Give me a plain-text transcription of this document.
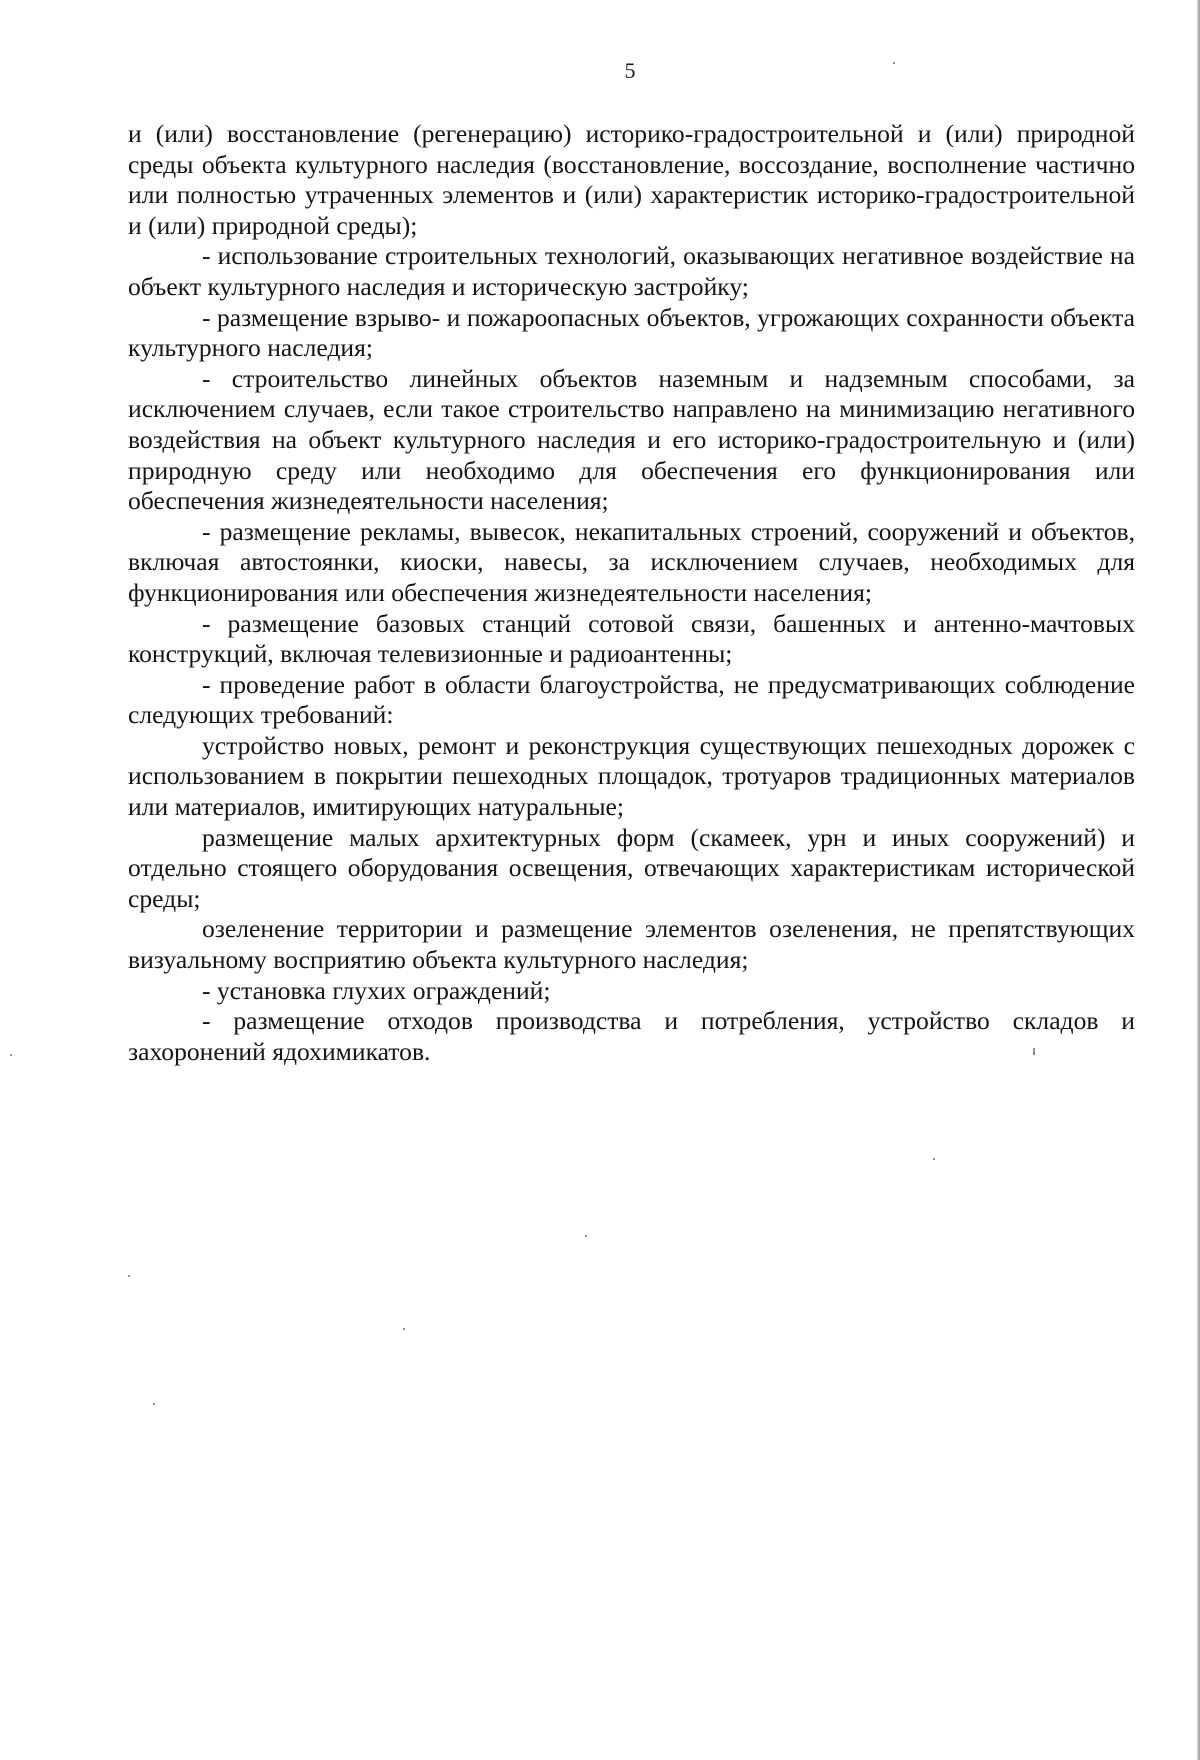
5

и (или) восстановление (регенерацию) историко-градостроительной и (или) природной среды объекта культурного наследия (восстановление, воссоздание, восполнение частично или полностью утраченных элементов и (или) характеристик историко-градостроительной и (или) природной среды);

- использование строительных технологий, оказывающих негативное воздействие на объект культурного наследия и историческую застройку;

- размещение взрыво- и пожароопасных объектов, угрожающих сохранности объекта культурного наследия;

- строительство линейных объектов наземным и надземным способами, за исключением случаев, если такое строительство направлено на минимизацию негативного воздействия на объект культурного наследия и его историко-градостроительную и (или) природную среду или необходимо для обеспечения его функционирования или обеспечения жизнедеятельности населения;

- размещение рекламы, вывесок, некапитальных строений, сооружений и объектов, включая автостоянки, киоски, навесы, за исключением случаев, необходимых для функционирования или обеспечения жизнедеятельности населения;

- размещение базовых станций сотовой связи, башенных и антенно-мачтовых конструкций, включая телевизионные и радиоантенны;

- проведение работ в области благоустройства, не предусматривающих соблюдение следующих требований:

устройство новых, ремонт и реконструкция существующих пешеходных дорожек с использованием в покрытии пешеходных площадок, тротуаров традиционных материалов или материалов, имитирующих натуральные;

размещение малых архитектурных форм (скамеек, урн и иных сооружений) и отдельно стоящего оборудования освещения, отвечающих характеристикам исторической среды;

озеленение территории и размещение элементов озеленения, не препятствующих визуальному восприятию объекта культурного наследия;

- установка глухих ограждений;

- размещение отходов производства и потребления, устройство складов и захоронений ядохимикатов.
